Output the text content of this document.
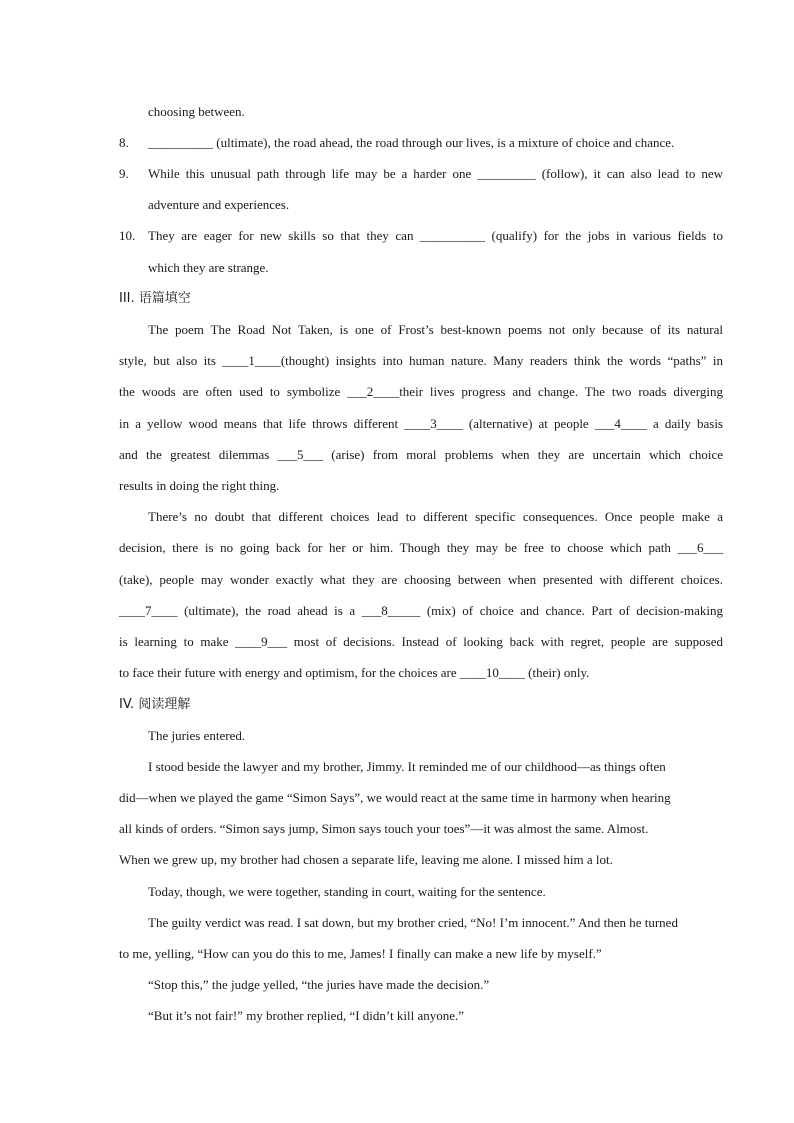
choosing between.
8. __________ (ultimate), the road ahead, the road through our lives, is a mixture of choice and chance.
9. While this unusual path through life may be a harder one _________ (follow), it can also lead to new
adventure and experiences.
10. They are eager for new skills so that they can __________ (qualify) for the jobs in various fields to
which they are strange.
III. 语篇填空
The poem The Road Not Taken, is one of Frost’s best-known poems not only because of its natural
style, but also its ____1____(thought) insights into human nature. Many readers think the words “paths” in
the woods are often used to symbolize ___2____their lives progress and change. The two roads diverging
in a yellow wood means that life throws different ____3____ (alternative) at people ___4____ a daily basis
and the greatest dilemmas ___5___ (arise) from moral problems when they are uncertain which choice
results in doing the right thing.
There’s no doubt that different choices lead to different specific consequences. Once people make a
decision, there is no going back for her or him. Though they may be free to choose which path ___6___
(take), people may wonder exactly what they are choosing between when presented with different choices.
____7____ (ultimate), the road ahead is a ___8_____ (mix) of choice and chance. Part of decision-making
is learning to make ____9___ most of decisions. Instead of looking back with regret, people are supposed
to face their future with energy and optimism, for the choices are ____10____ (their) only.
IV. 阅读理解
The juries entered.
I stood beside the lawyer and my brother, Jimmy. It reminded me of our childhood—as things often
did—when we played the game “Simon Says”, we would react at the same time in harmony when hearing
all kinds of orders. “Simon says jump, Simon says touch your toes”—it was almost the same. Almost.
When we grew up, my brother had chosen a separate life, leaving me alone. I missed him a lot.
Today, though, we were together, standing in court, waiting for the sentence.
The guilty verdict was read. I sat down, but my brother cried, “No! I’m innocent.” And then he turned
to me, yelling, “How can you do this to me, James! I finally can make a new life by myself.”
“Stop this,” the judge yelled, “the juries have made the decision.”
“But it’s not fair!” my brother replied, “I didn’t kill anyone.”
